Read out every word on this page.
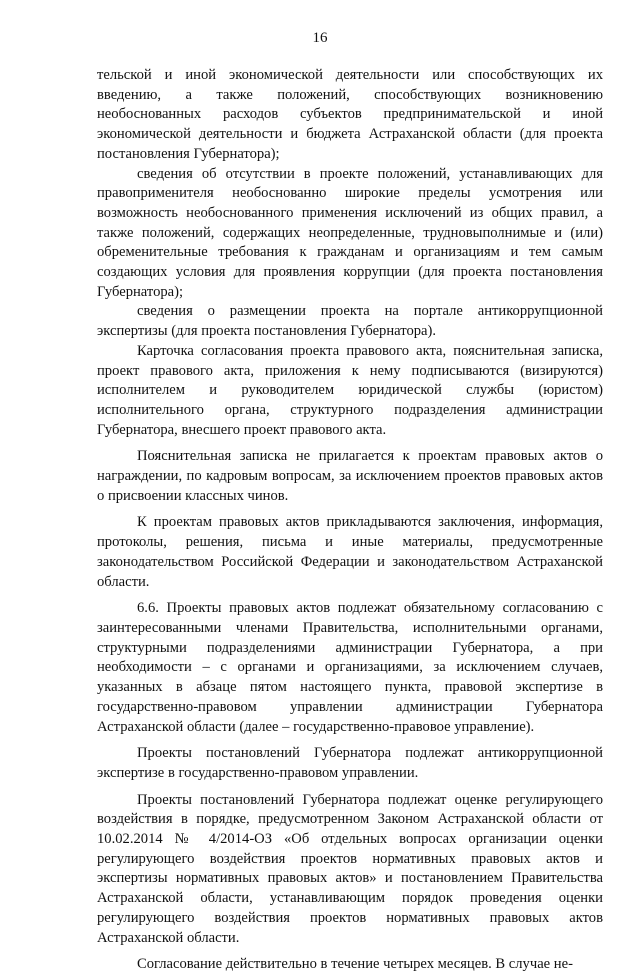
16

тельской и иной экономической деятельности или способствующих их введению, а также положений, способствующих возникновению необоснованных расходов субъектов предпринимательской и иной экономической деятельности и бюджета Астраханской области (для проекта постановления Губернатора);

сведения об отсутствии в проекте положений, устанавливающих для правоприменителя необоснованно широкие пределы усмотрения или возможность необоснованного применения исключений из общих правил, а также положений, содержащих неопределенные, трудновыполнимые и (или) обременительные требования к гражданам и организациям и тем самым создающих условия для проявления коррупции (для проекта постановления Губернатора);

сведения о размещении проекта на портале антикоррупционной экспертизы (для проекта постановления Губернатора).

Карточка согласования проекта правового акта, пояснительная записка, проект правового акта, приложения к нему подписываются (визируются) исполнителем и руководителем юридической службы (юристом) исполнительного органа, структурного подразделения администрации Губернатора, внесшего проект правового акта.

Пояснительная записка не прилагается к проектам правовых актов о награждении, по кадровым вопросам, за исключением проектов правовых актов о присвоении классных чинов.

К проектам правовых актов прикладываются заключения, информация, протоколы, решения, письма и иные материалы, предусмотренные законодательством Российской Федерации и законодательством Астраханской области.

6.6. Проекты правовых актов подлежат обязательному согласованию с заинтересованными членами Правительства, исполнительными органами, структурными подразделениями администрации Губернатора, а при необходимости – с органами и организациями, за исключением случаев, указанных в абзаце пятом настоящего пункта, правовой экспертизе в государственно-правовом управлении администрации Губернатора Астраханской области (далее – государственно-правовое управление).

Проекты постановлений Губернатора подлежат антикоррупционной экспертизе в государственно-правовом управлении.

Проекты постановлений Губернатора подлежат оценке регулирующего воздействия в порядке, предусмотренном Законом Астраханской области от 10.02.2014 № 4/2014-ОЗ «Об отдельных вопросах организации оценки регулирующего воздействия проектов нормативных правовых актов и экспертизы нормативных правовых актов» и постановлением Правительства Астраханской области, устанавливающим порядок проведения оценки регулирующего воздействия проектов нормативных правовых актов Астраханской области.

Согласование действительно в течение четырех месяцев. В случае не-
